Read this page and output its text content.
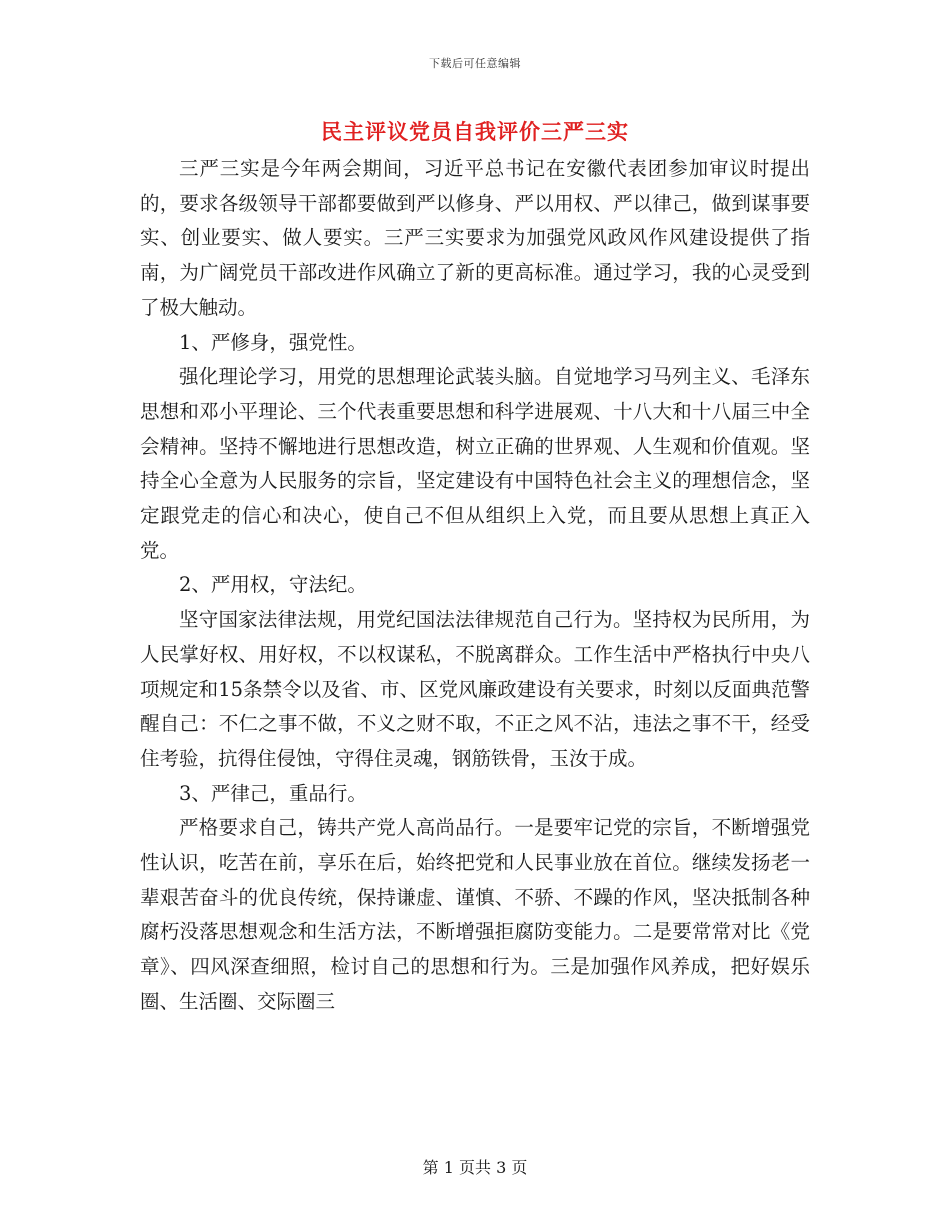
下载后可任意编辑
民主评议党员自我评价三严三实

三严三实是今年两会期间，习近平总书记在安徽代表团参加审议时提出的，要求各级领导干部都要做到严以修身、严以用权、严以律己，做到谋事要实、创业要实、做人要实。三严三实要求为加强党风政风作风建设提供了指南，为广阔党员干部改进作风确立了新的更高标准。通过学习，我的心灵受到了极大触动。

1、严修身，强党性。

强化理论学习，用党的思想理论武装头脑。自觉地学习马列主义、毛泽东思想和邓小平理论、三个代表重要思想和科学进展观、十八大和十八届三中全会精神。坚持不懈地进行思想改造，树立正确的世界观、人生观和价值观。坚持全心全意为人民服务的宗旨，坚定建设有中国特色社会主义的理想信念，坚定跟党走的信心和决心，使自己不但从组织上入党，而且要从思想上真正入党。

2、严用权，守法纪。

坚守国家法律法规，用党纪国法法律规范自己行为。坚持权为民所用，为人民掌好权、用好权，不以权谋私，不脱离群众。工作生活中严格执行中央八项规定和15条禁令以及省、市、区党风廉政建设有关要求，时刻以反面典范警醒自己：不仁之事不做，不义之财不取，不正之风不沾，违法之事不干，经受住考验，抗得住侵蚀，守得住灵魂，钢筋铁骨，玉汝于成。

3、严律己，重品行。

严格要求自己，铸共产党人高尚品行。一是要牢记党的宗旨，不断增强党性认识，吃苦在前，享乐在后，始终把党和人民事业放在首位。继续发扬老一辈艰苦奋斗的优良传统，保持谦虚、谨慎、不骄、不躁的作风，坚决抵制各种腐朽没落思想观念和生活方法，不断增强拒腐防变能力。二是要常常对比《党章》、四风深查细照，检讨自己的思想和行为。三是加强作风养成，把好娱乐圈、生活圈、交际圈三

第 1 页共 3 页
